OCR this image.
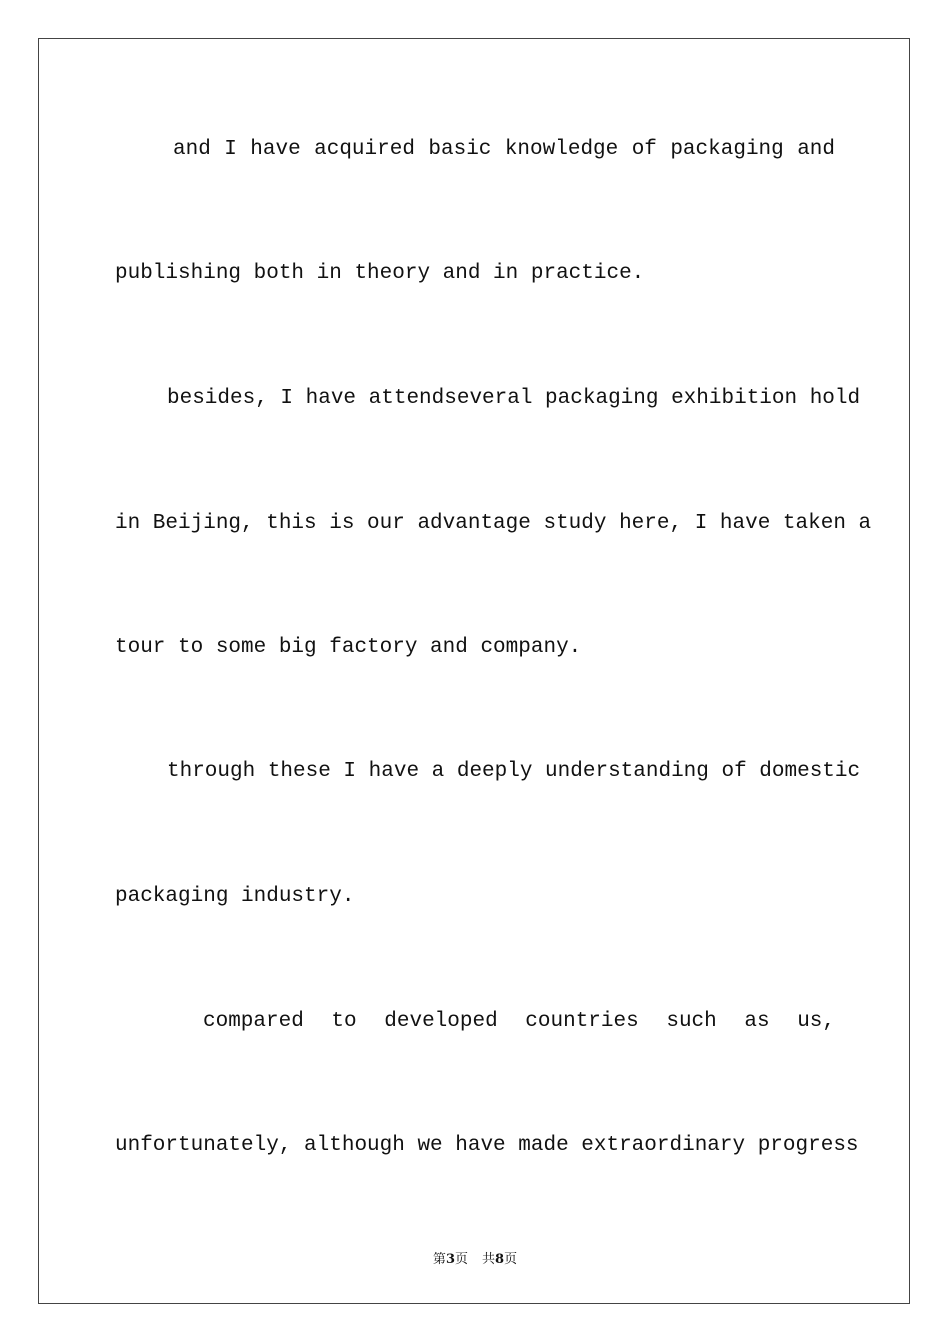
and I have acquired basic knowledge of packaging and
publishing both in theory and in practice.
besides, I have attendseveral packaging exhibition hold
in Beijing, this is our advantage study here, I have taken a
tour to some big factory and company.
through these I have a deeply understanding of domestic
packaging industry.
compared to developed countries such as us,
unfortunately, although we have made extraordinary progress
第3页 共8页
